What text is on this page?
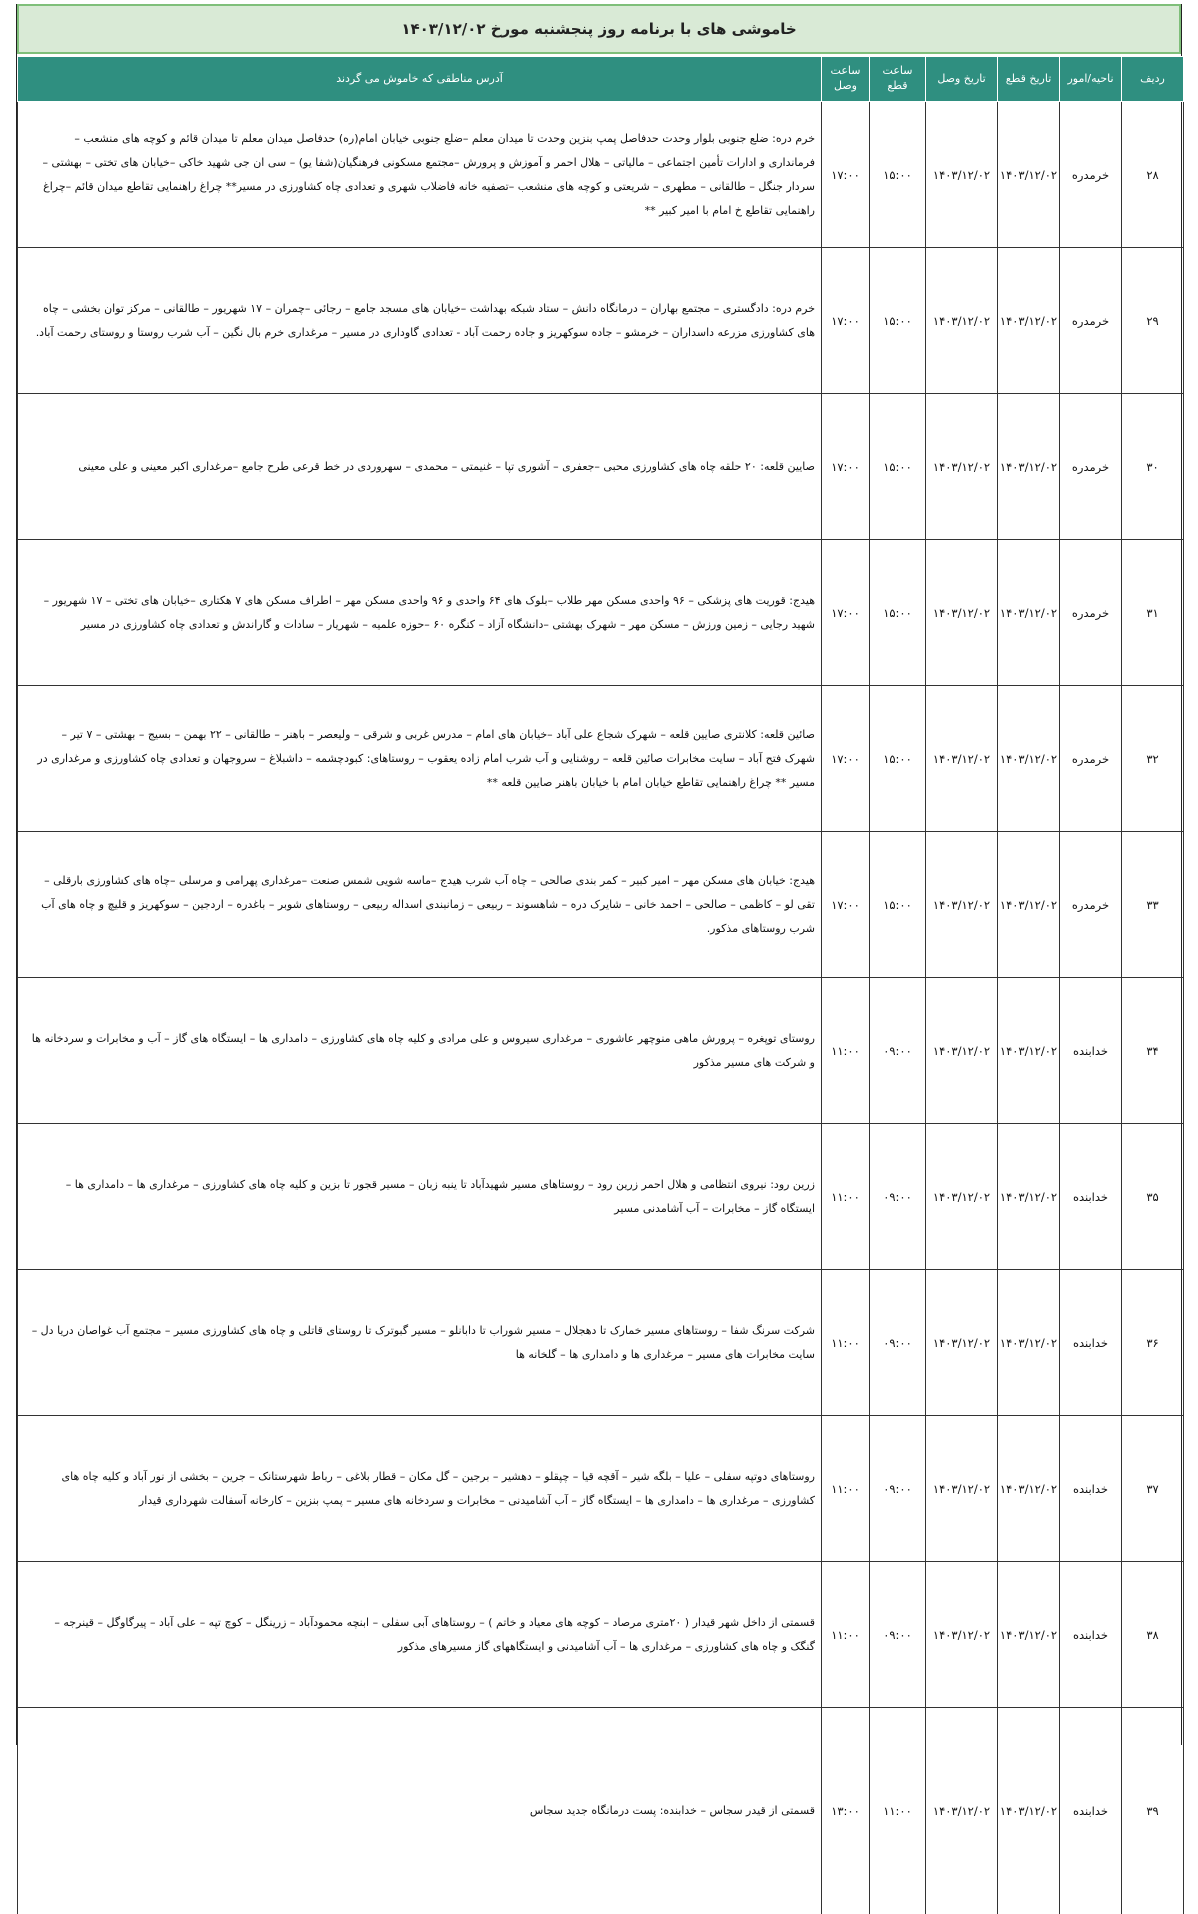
خاموشی های با برنامه روز پنجشنبه مورخ ۱۴۰۳/۱۲/۰۲
ردیف	ناحیه/امور	تاریخ قطع	تاریخ وصل	ساعت قطع	ساعت وصل	آدرس مناطقی که خاموش می گردند
۲۸	خرمدره	۱۴۰۳/۱۲/۰۲	۱۴۰۳/۱۲/۰۲	۱۵:۰۰	۱۷:۰۰	خرم دره: ضلع جنوبی بلوار وحدت حدفاصل پمپ بنزین وحدت تا میدان معلم –ضلع جنوبی خیابان امام(ره) حدفاصل میدان معلم تا میدان قائم و کوچه های منشعب – فرمانداری و ادارات تأمین اجتماعی – مالیاتی – هلال احمر و آموزش و پرورش –مجتمع مسکونی فرهنگیان(شفا یو) – سی ان جی شهید خاکی –خیابان های تختی – بهشتی –سردار جنگل – طالقانی – مطهری – شریعتی و کوچه های منشعب –تصفیه خانه فاضلاب شهری و تعدادی چاه کشاورزی در مسیر** چراغ راهنمایی تقاطع میدان قائم –چراغ راهنمایی تقاطع خ امام با امیر کبیر **
۲۹	خرمدره	۱۴۰۳/۱۲/۰۲	۱۴۰۳/۱۲/۰۲	۱۵:۰۰	۱۷:۰۰	خرم دره: دادگستری – مجتمع بهاران – درمانگاه دانش – ستاد شبکه بهداشت –خیابان های مسجد جامع – رجائی –چمران – ۱۷ شهریور – طالقانی – مرکز توان بخشی – چاه های کشاورزی مزرعه داسداران – خرمشو – جاده سوکهریز و جاده رحمت آباد - تعدادی گاوداری در مسیر – مرغداری خرم بال نگین – آب شرب روستا و روستای رحمت آباد.
۳۰	خرمدره	۱۴۰۳/۱۲/۰۲	۱۴۰۳/۱۲/۰۲	۱۵:۰۰	۱۷:۰۰	صایین قلعه: ۲۰ حلقه چاه های کشاورزی محبی –جعفری – آشوری تپا – غنیمتی – محمدی – سهروردی در خط قرعی طرح جامع –مرغداری اکبر معینی و علی معینی
۳۱	خرمدره	۱۴۰۳/۱۲/۰۲	۱۴۰۳/۱۲/۰۲	۱۵:۰۰	۱۷:۰۰	هیدج: قوریت های پزشکی – ۹۶ واحدی مسکن مهر طلاب –بلوک های ۶۴ واحدی و ۹۶ واحدی مسکن مهر – اطراف مسکن های ۷ هکتاری –خیابان های تختی – ۱۷ شهریور – شهید رجایی – زمین ورزش – مسکن مهر – شهرک بهشتی –دانشگاه آزاد – کنگره ۶۰ –حوزه علمیه – شهریار – سادات و گاراندش و تعدادی چاه کشاورزی در مسیر
۳۲	خرمدره	۱۴۰۳/۱۲/۰۲	۱۴۰۳/۱۲/۰۲	۱۵:۰۰	۱۷:۰۰	صائین قلعه: کلانتری صایین قلعه – شهرک شجاع علی آباد –خیابان های امام – مدرس غربی و شرقی – ولیعصر – باهنر – طالقانی – ۲۲ بهمن – بسیج – بهشتی – ۷ تیر – شهرک فتح آباد – سایت مخابرات صائین قلعه – روشنایی و آب شرب امام زاده یعقوب – روستاهای: کبودچشمه – داشبلاغ – سروجهان و تعدادی چاه کشاورزی و مرغداری در مسیر ** چراغ راهنمایی تقاطع خیابان امام با خیابان باهنر صایین قلعه **
۳۳	خرمدره	۱۴۰۳/۱۲/۰۲	۱۴۰۳/۱۲/۰۲	۱۵:۰۰	۱۷:۰۰	هیدج: خیابان های مسکن مهر – امیر کبیر – کمر بندی صالحی – چاه آب شرب هیدج –ماسه شویی شمس صنعت –مرغداری پهرامی و مرسلی –چاه های کشاورزی بارقلی – تقی لو – کاظمی – صالحی – احمد خانی – شایرک دره – شاهسوند – ربیعی – زمانبندی اسداله ربیعی – روستاهای شوبر – باغدره – اردجین – سوکهریز و قلیچ و چاه های آب شرب روستاهای مذکور.
۳۴	خدابنده	۱۴۰۳/۱۲/۰۲	۱۴۰۳/۱۲/۰۲	۰۹:۰۰	۱۱:۰۰	روستای توپغره – پرورش ماهی منوچهر عاشوری – مرغداری سیروس و علی مرادی و کلیه چاه های کشاورزی – دامداری ها – ایستگاه های گاز – آب و مخابرات و سردخانه ها و شرکت های مسیر مذکور
۳۵	خدابنده	۱۴۰۳/۱۲/۰۲	۱۴۰۳/۱۲/۰۲	۰۹:۰۰	۱۱:۰۰	زرین رود: نیروی انتظامی و هلال احمر زرین رود – روستاهای مسیر شهیدآباد تا ینبه زبان – مسیر قجور تا بزین و کلیه چاه های کشاورزی – مرغداری ها – دامداری ها – ایستگاه گاز – مخابرات – آب آشامدنی مسیر
۳۶	خدابنده	۱۴۰۳/۱۲/۰۲	۱۴۰۳/۱۲/۰۲	۰۹:۰۰	۱۱:۰۰	شرکت سرنگ شفا – روستاهای مسیر خمارک تا دهجلال – مسیر شوراب تا دابانلو – مسیر گبوترک تا روستای قاتلی و چاه های کشاورزی مسیر – مجتمع آب غواصان دریا دل – سایت مخابرات های مسیر – مرغداری ها و دامداری ها – گلخانه ها
۳۷	خدابنده	۱۴۰۳/۱۲/۰۲	۱۴۰۳/۱۲/۰۲	۰۹:۰۰	۱۱:۰۰	روستاهای دوتپه سفلی – علیا – بلگه شیر – آقچه قیا – چپقلو – دهشیر – برجین – گل مکان – قطار بلاغی – رباط شهرستانک – جرین – بخشی از نور آباد و کلیه چاه های کشاورزی – مرغداری ها – دامداری ها – ایستگاه گاز – آب آشامیدنی – مخابرات و سردخانه های مسیر – پمپ بنزین – کارخانه آسفالت شهرداری قیدار
۳۸	خدابنده	۱۴۰۳/۱۲/۰۲	۱۴۰۳/۱۲/۰۲	۰۹:۰۰	۱۱:۰۰	قسمتی از داخل شهر قیدار ( ۲۰متری مرصاد – کوچه های معیاد و خاتم ) – روستاهای آبی سفلی – ابنچه محمودآباد – زرینگل – کوچ تپه – علی آباد – پیرگاوگل – قینرجه – گنگک و چاه های کشاورزی – مرغداری ها – آب آشامیدنی و ایستگاههای گاز مسیرهای مذکور
۳۹	خدابنده	۱۴۰۳/۱۲/۰۲	۱۴۰۳/۱۲/۰۲	۱۱:۰۰	۱۳:۰۰	قسمتی از قیدر سجاس – خدابنده: پست درمانگاه جدید سجاس
